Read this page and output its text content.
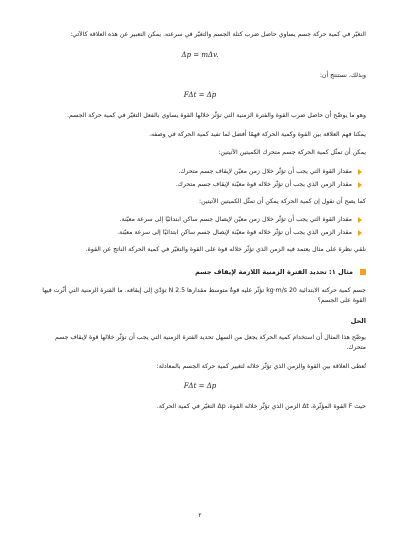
التغيّر في كمية حركة جسم يساوي حاصل ضرب كتلة الجسم والتغيّر في سرعته. يمكن التعبير عن هذه العلاقة كالآتي:

Δp = mΔv.

وبذلك، نستنتج أن:

FΔt = Δp

وهو ما يوضّح أن حاصل ضرب القوة والفترة الزمنية التي تؤثّر خلالها القوة يساوي بالفعل التغيّر في كمية حركة الجسم.

يمكنا فهم العلاقة بين القوة وكمية الحركة فهمًا أفضل لما تفيد كمية الحركة في وصفه.

يمكن أن تمثّل كمية الحركة جسم متحرك الكميتين الآتيتين:

مقدار القوة التي يجب أن تؤثّر خلال زمن معيّن لإيقاف جسم متحرك.
مقدار الزمن الذي يجب أن تؤثّر خلاله قوة معيّنة لإيقاف جسم متحرك.

كما يصح أن نقول إن كمية الحركة يمكن أن تمثّل الكميتين الآتيتين:

مقدار القوة التي يجب أن تؤثّر خلال زمن معيّن لإيصال جسم ساكن ابتدائيًا إلى سرعة معيّنة.
مقدار الزمن الذي يجب أن تؤثّر خلاله قوة معيّنة لإيصال جسم ساكن ابتدائيًا إلى سرعة معيّنة.

نلقي نظرة على مثال يعتمد فيه الزمن الذي تؤثّر خلاله قوة على القوة والتغيّر في كمية الحركة الناتج عن القوة.

مثال ١: تحديد الفترة الزمنية اللازمة لإيقاف جسم

جسم كمية حركته الابتدائية 20 kg⋅m/s تؤثّر عليه قوةٌ متوسط مقدارها 2.5 N تؤدّي إلى إيقافه. ما الفترة الزمنية التي أثّرت فيها القوة على الجسم؟

الحل

يوضّح هذا المثال أن استخدام كمية الحركة يجعل من السهل تحديد الفترة الزمنية التي يجب أن تؤثّر خلالها قوة لإيقاف جسم متحرك.

تُعطى العلاقة بين القوة والزمن الذي تؤثّر خلاله لتغيير كمية حركة الجسم بالمعادلة:

FΔt = Δp

حيث F القوة المؤثّرة، Δt الزمن الذي تؤثّر خلاله القوة، Δp التغيّر في كمية الحركة.

٢
